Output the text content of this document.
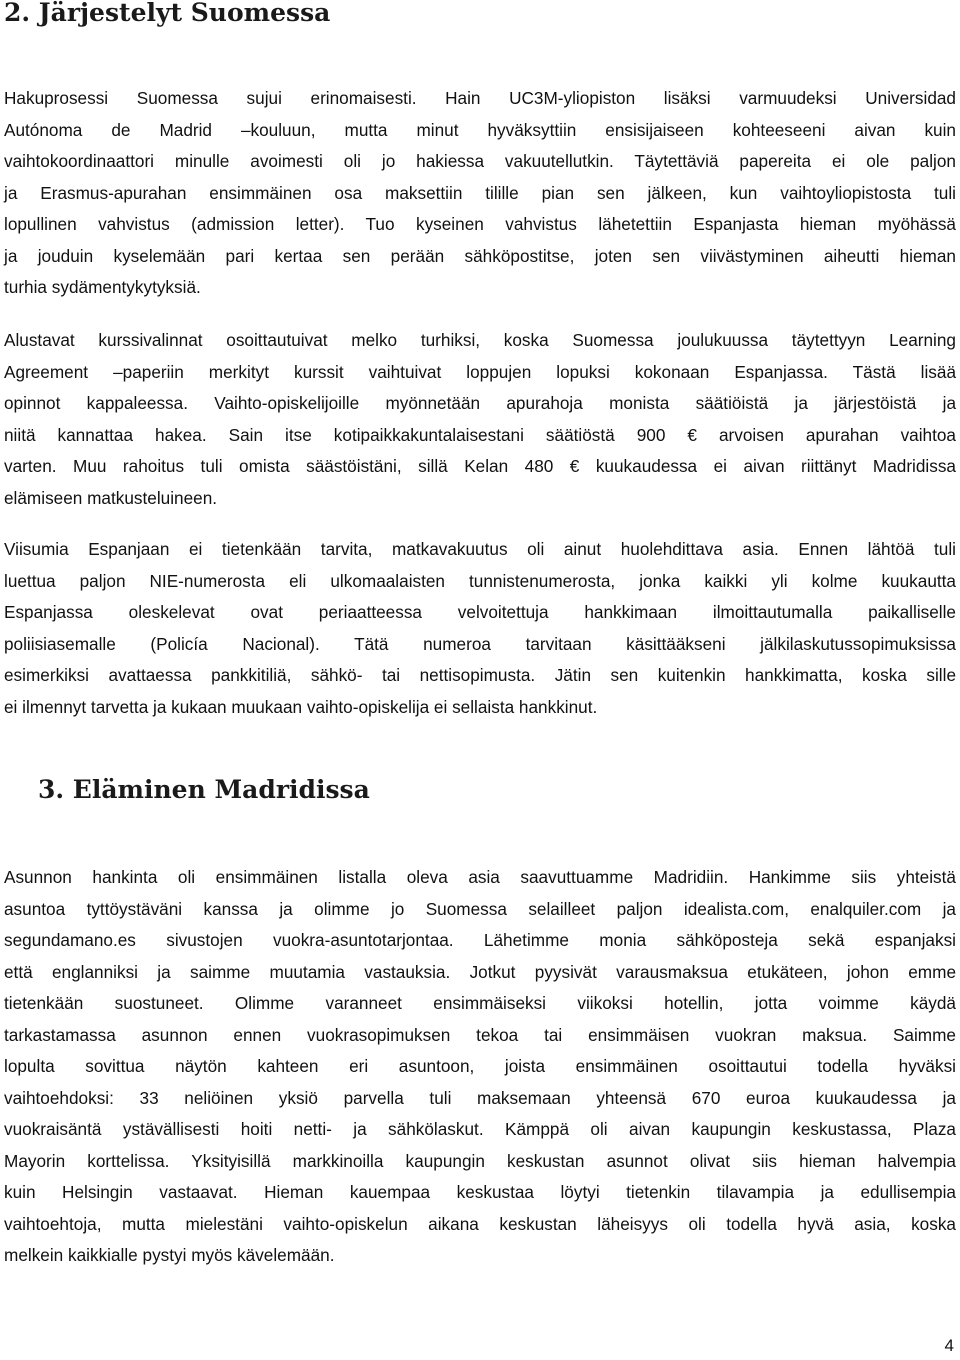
2. Järjestelyt Suomessa

Hakuprosessi Suomessa sujui erinomaisesti. Hain UC3M-yliopiston lisäksi varmuudeksi Universidad
Autónoma de Madrid –kouluun, mutta minut hyväksyttiin ensisijaiseen kohteeseeni aivan kuin
vaihtokoordinaattori minulle avoimesti oli jo hakiessa vakuutellutkin. Täytettäviä papereita ei ole paljon
ja Erasmus-apurahan ensimmäinen osa maksettiin tilille pian sen jälkeen, kun vaihtoyliopistosta tuli
lopullinen vahvistus (admission letter). Tuo kyseinen vahvistus lähetettiin Espanjasta hieman myöhässä
ja jouduin kyselemään pari kertaa sen perään sähköpostitse, joten sen viivästyminen aiheutti hieman
turhia sydämentykytyksiä.

Alustavat kurssivalinnat osoittautuivat melko turhiksi, koska Suomessa joulukuussa täytettyyn Learning
Agreement –paperiin merkityt kurssit vaihtuivat loppujen lopuksi kokonaan Espanjassa. Tästä lisää
opinnot kappaleessa. Vaihto-opiskelijoille myönnetään apurahoja monista säätiöistä ja järjestöistä ja
niitä kannattaa hakea. Sain itse kotipaikkakuntalaisestani säätiöstä 900 € arvoisen apurahan vaihtoa
varten. Muu rahoitus tuli omista säästöistäni, sillä Kelan 480 € kuukaudessa ei aivan riittänyt Madridissa
elämiseen matkusteluineen.

Viisumia Espanjaan ei tietenkään tarvita, matkavakuutus oli ainut huolehdittava asia. Ennen lähtöä tuli
luettua paljon NIE-numerosta eli ulkomaalaisten tunnistenumerosta, jonka kaikki yli kolme kuukautta
Espanjassa oleskelevat ovat periaatteessa velvoitettuja hankkimaan ilmoittautumalla paikalliselle
poliisiasemalle (Policía Nacional). Tätä numeroa tarvitaan käsittääkseni jälkilaskutussopimuksissa
esimerkiksi avattaessa pankkitiliä, sähkö- tai nettisopimusta. Jätin sen kuitenkin hankkimatta, koska sille
ei ilmennyt tarvetta ja kukaan muukaan vaihto-opiskelija ei sellaista hankkinut.

3. Eläminen Madridissa

Asunnon hankinta oli ensimmäinen listalla oleva asia saavuttuamme Madridiin. Hankimme siis yhteistä
asuntoa tyttöystäväni kanssa ja olimme jo Suomessa selailleet paljon idealista.com, enalquiler.com ja
segundamano.es sivustojen vuokra-asuntotarjontaa. Lähetimme monia sähköposteja sekä espanjaksi
että englanniksi ja saimme muutamia vastauksia. Jotkut pyysivät varausmaksua etukäteen, johon emme
tietenkään suostuneet. Olimme varanneet ensimmäiseksi viikoksi hotellin, jotta voimme käydä
tarkastamassa asunnon ennen vuokrasopimuksen tekoa tai ensimmäisen vuokran maksua. Saimme
lopulta sovittua näytön kahteen eri asuntoon, joista ensimmäinen osoittautui todella hyväksi
vaihtoehdoksi: 33 neliöinen yksiö parvella tuli maksemaan yhteensä 670 euroa kuukaudessa ja
vuokraisäntä ystävällisesti hoiti netti- ja sähkölaskut. Kämppä oli aivan kaupungin keskustassa, Plaza
Mayorin korttelissa. Yksityisillä markkinoilla kaupungin keskustan asunnot olivat siis hieman halvempia
kuin Helsingin vastaavat. Hieman kauempaa keskustaa löytyi tietenkin tilavampia ja edullisempia
vaihtoehtoja, mutta mielestäni vaihto-opiskelun aikana keskustan läheisyys oli todella hyvä asia, koska
melkein kaikkialle pystyi myös kävelemään.

4
